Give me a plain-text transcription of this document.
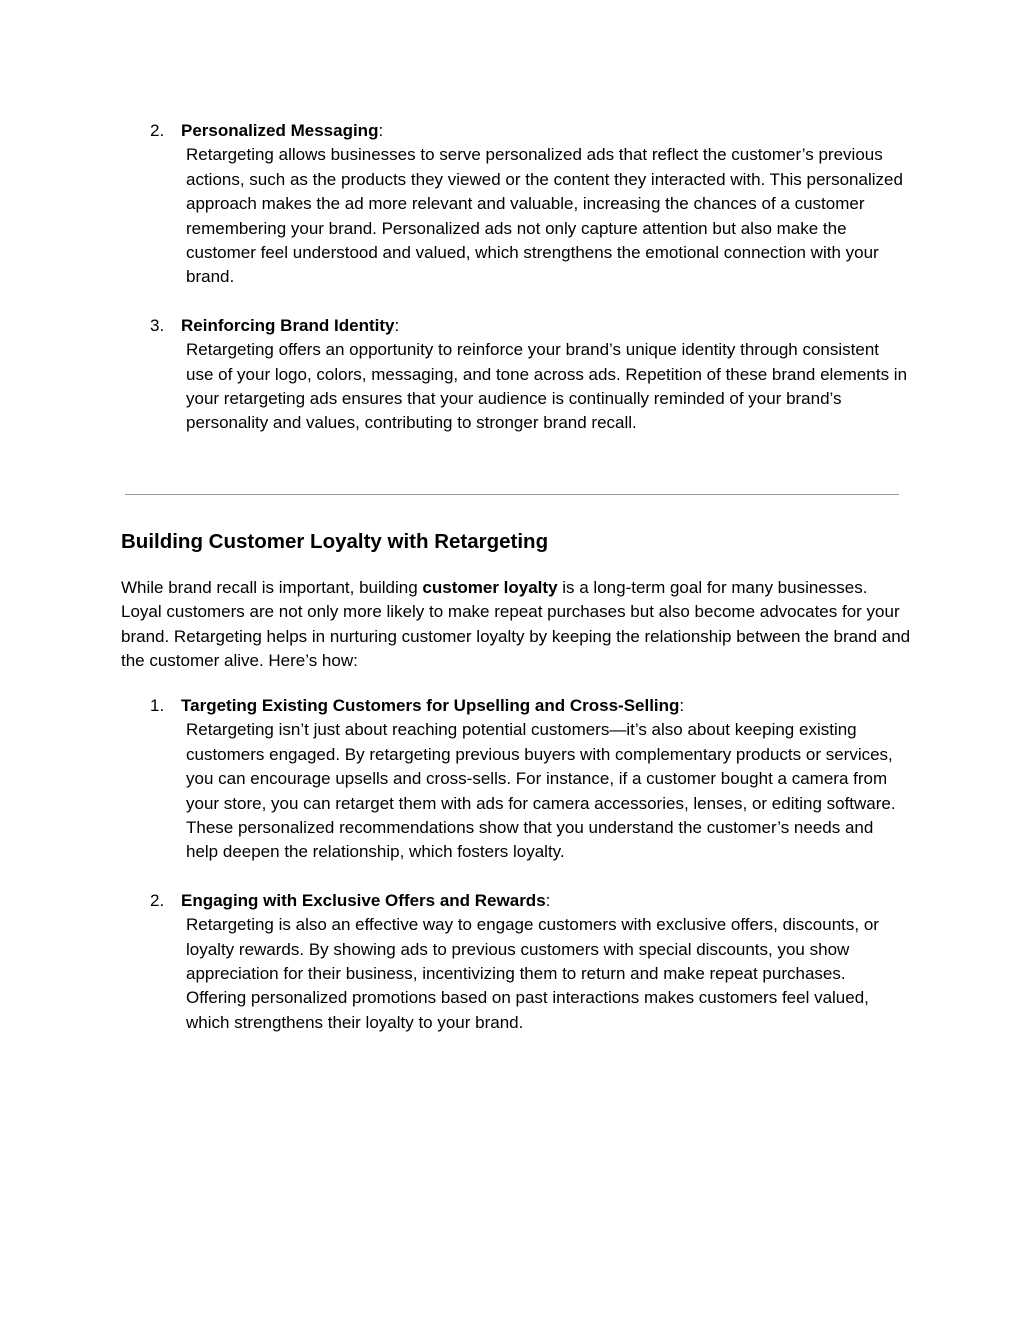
2. Personalized Messaging:
Retargeting allows businesses to serve personalized ads that reflect the customer’s previous actions, such as the products they viewed or the content they interacted with. This personalized approach makes the ad more relevant and valuable, increasing the chances of a customer remembering your brand. Personalized ads not only capture attention but also make the customer feel understood and valued, which strengthens the emotional connection with your brand.
3. Reinforcing Brand Identity:
Retargeting offers an opportunity to reinforce your brand’s unique identity through consistent use of your logo, colors, messaging, and tone across ads. Repetition of these brand elements in your retargeting ads ensures that your audience is continually reminded of your brand’s personality and values, contributing to stronger brand recall.
Building Customer Loyalty with Retargeting

While brand recall is important, building customer loyalty is a long-term goal for many businesses. Loyal customers are not only more likely to make repeat purchases but also become advocates for your brand. Retargeting helps in nurturing customer loyalty by keeping the relationship between the brand and the customer alive. Here’s how:

1. Targeting Existing Customers for Upselling and Cross-Selling:
Retargeting isn’t just about reaching potential customers—it’s also about keeping existing customers engaged. By retargeting previous buyers with complementary products or services, you can encourage upsells and cross-sells. For instance, if a customer bought a camera from your store, you can retarget them with ads for camera accessories, lenses, or editing software. These personalized recommendations show that you understand the customer’s needs and help deepen the relationship, which fosters loyalty.
2. Engaging with Exclusive Offers and Rewards:
Retargeting is also an effective way to engage customers with exclusive offers, discounts, or loyalty rewards. By showing ads to previous customers with special discounts, you show appreciation for their business, incentivizing them to return and make repeat purchases. Offering personalized promotions based on past interactions makes customers feel valued, which strengthens their loyalty to your brand.
